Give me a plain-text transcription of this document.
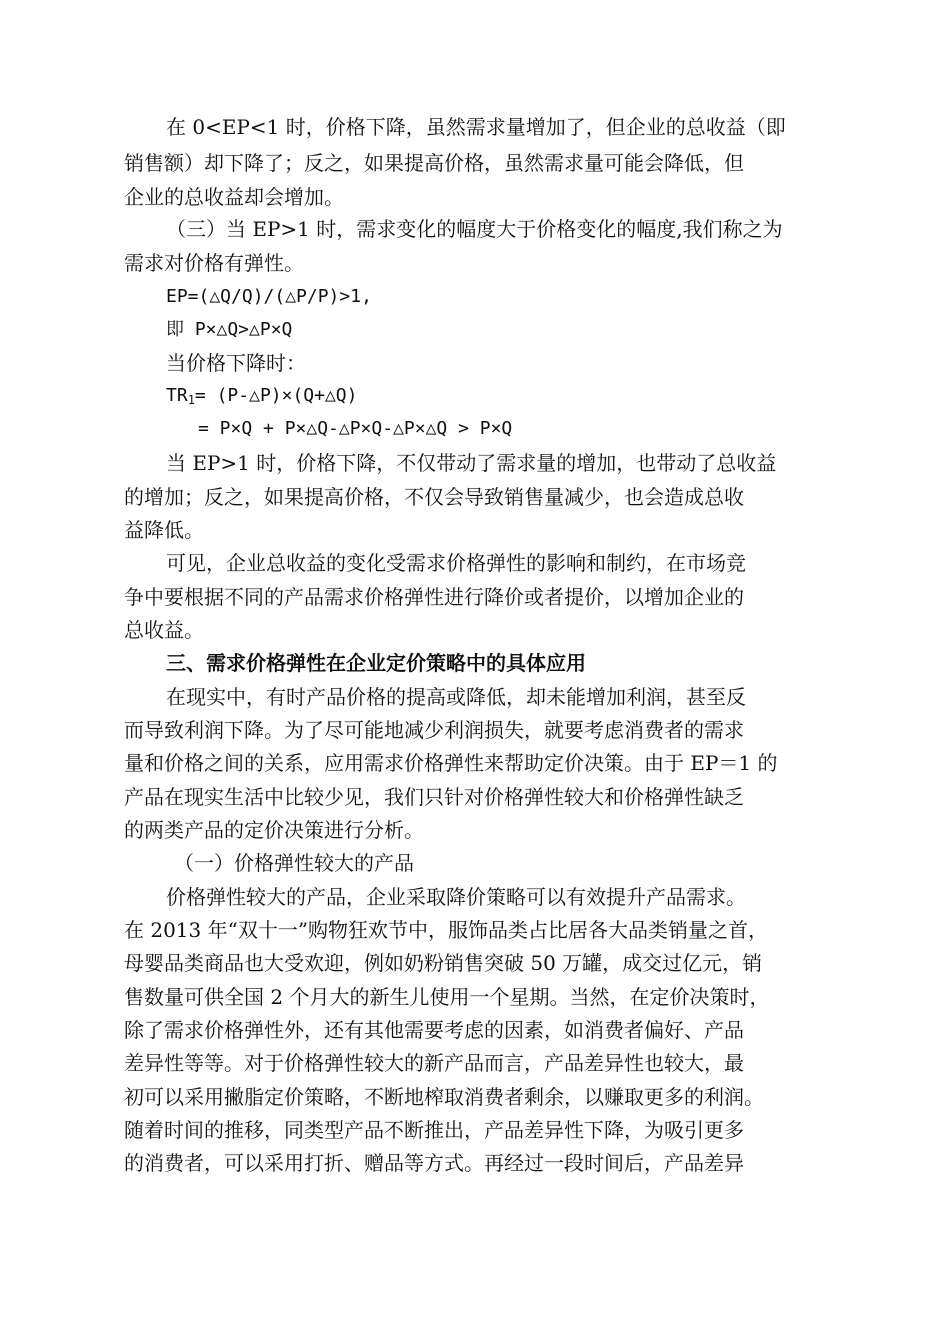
在 0<EP<1 时，价格下降，虽然需求量增加了，但企业的总收益（即
销售额）却下降了；反之，如果提高价格，虽然需求量可能会降低，但
企业的总收益却会增加。
（三）当 EP>1 时，需求变化的幅度大于价格变化的幅度,我们称之为
需求对价格有弹性。
EP=(△Q/Q)/(△P/P)>1,
即 P×△Q>△P×Q
当价格下降时：
$TR_1=$ (P-△P)×(Q+△Q)
= P×Q + P×△Q-△P×Q-△P×△Q > P×Q
当 EP>1 时，价格下降，不仅带动了需求量的增加，也带动了总收益
的增加；反之，如果提高价格，不仅会导致销售量减少，也会造成总收
益降低。
可见，企业总收益的变化受需求价格弹性的影响和制约，在市场竞
争中要根据不同的产品需求价格弹性进行降价或者提价，以增加企业的
总收益。
三、需求价格弹性在企业定价策略中的具体应用
在现实中，有时产品价格的提高或降低，却未能增加利润，甚至反
而导致利润下降。为了尽可能地减少利润损失，就要考虑消费者的需求
量和价格之间的关系，应用需求价格弹性来帮助定价决策。由于 EP＝1 的
产品在现实生活中比较少见，我们只针对价格弹性较大和价格弹性缺乏
的两类产品的定价决策进行分析。
（一）价格弹性较大的产品
价格弹性较大的产品，企业采取降价策略可以有效提升产品需求。
在 2013 年“双十一”购物狂欢节中，服饰品类占比居各大品类销量之首，
母婴品类商品也大受欢迎，例如奶粉销售突破 50 万罐，成交过亿元，销
售数量可供全国 2 个月大的新生儿使用一个星期。当然，在定价决策时，
除了需求价格弹性外，还有其他需要考虑的因素，如消费者偏好、产品
差异性等等。对于价格弹性较大的新产品而言，产品差异性也较大，最
初可以采用撇脂定价策略，不断地榨取消费者剩余，以赚取更多的利润。
随着时间的推移，同类型产品不断推出，产品差异性下降，为吸引更多
的消费者，可以采用打折、赠品等方式。再经过一段时间后，产品差异
